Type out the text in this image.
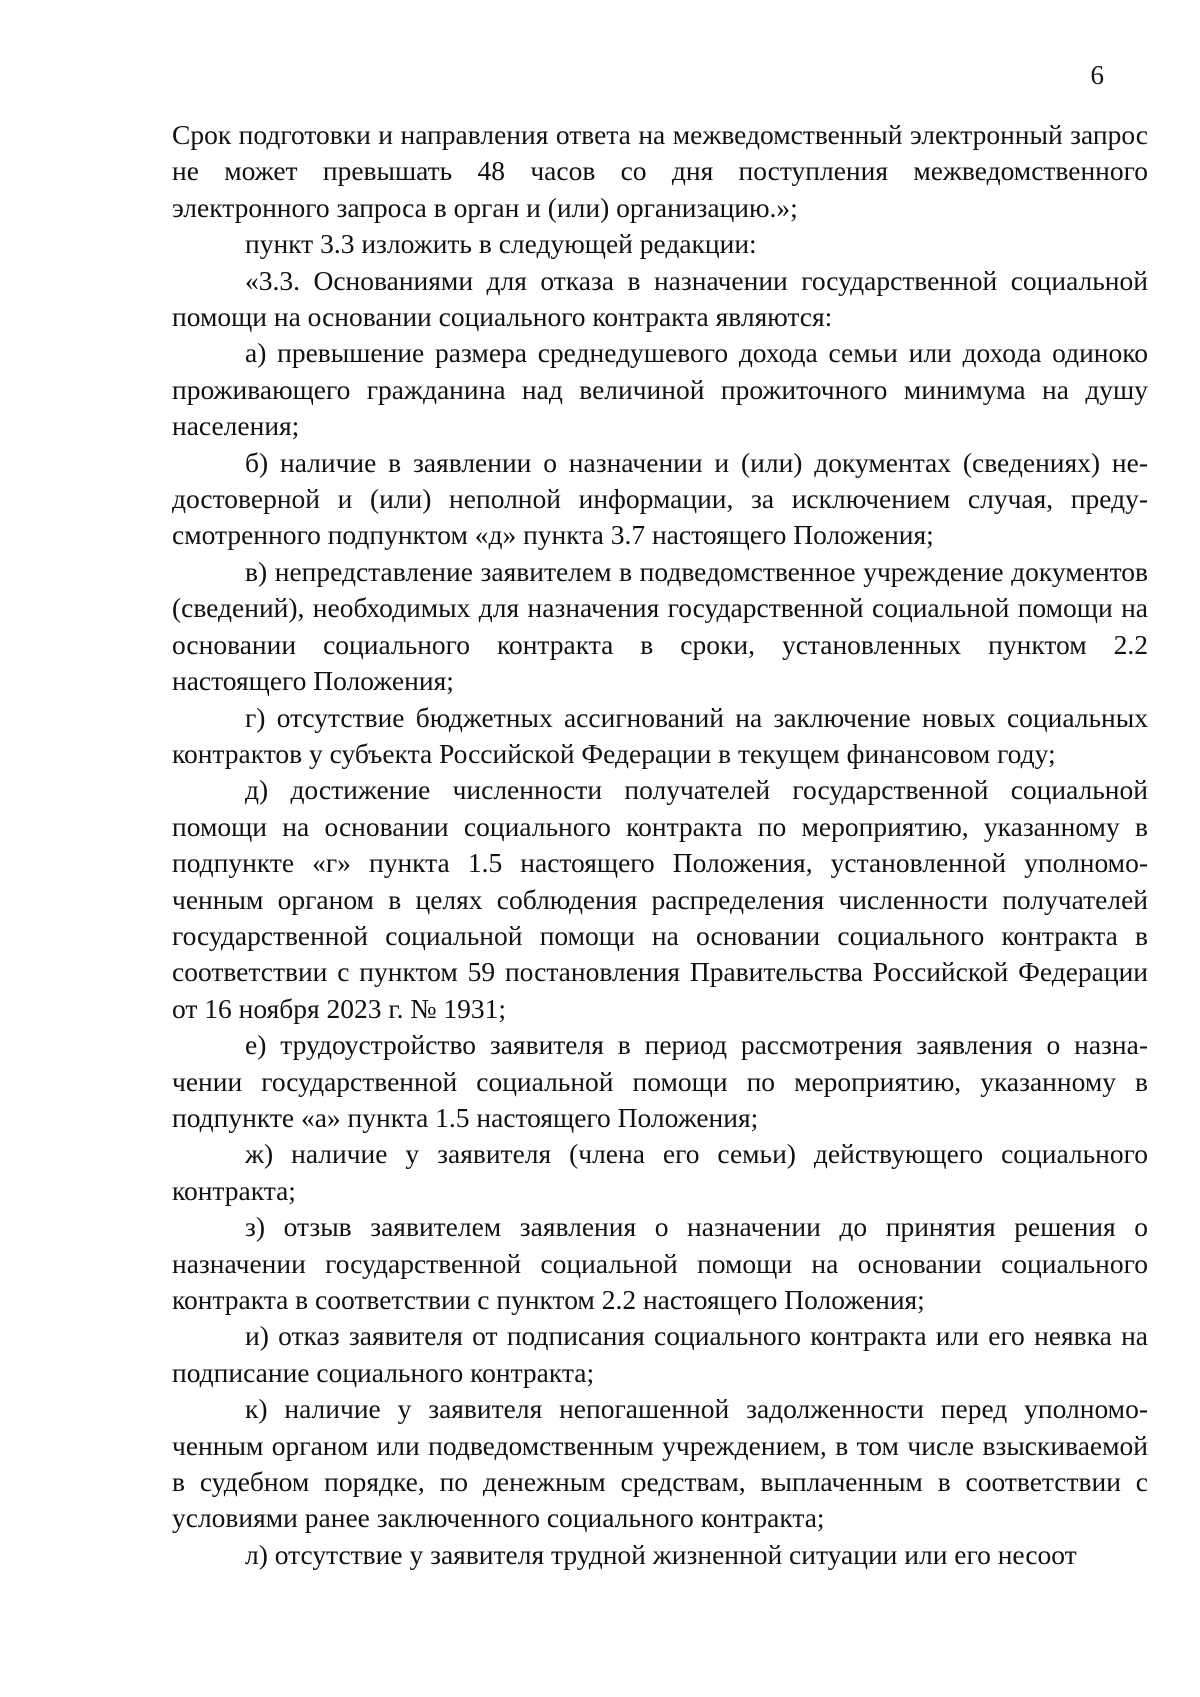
6

Срок подготовки и направления ответа на межведомственный электронный запрос не может превышать 48 часов со дня поступления межведомственного электронного запроса в орган и (или) организацию.»;

пункт 3.3 изложить в следующей редакции:

«3.3. Основаниями для отказа в назначении государственной социальной помощи на основании социального контракта являются:

а) превышение размера среднедушевого дохода семьи или дохода одиноко проживающего гражданина над величиной прожиточного минимума на душу населения;

б) наличие в заявлении о назначении и (или) документах (сведениях) недостоверной и (или) неполной информации, за исключением случая, предусмотренного подпунктом «д» пункта 3.7 настоящего Положения;

в) непредставление заявителем в подведомственное учреждение документов (сведений), необходимых для назначения государственной социальной помощи на основании социального контракта в сроки, установленных пунктом 2.2 настоящего Положения;

г) отсутствие бюджетных ассигнований на заключение новых социальных контрактов у субъекта Российской Федерации в текущем финансовом году;

д) достижение численности получателей государственной социальной помощи на основании социального контракта по мероприятию, указанному в подпункте «г» пункта 1.5 настоящего Положения, установленной уполномоченным органом в целях соблюдения распределения численности получателей государственной социальной помощи на основании социального контракта в соответствии с пунктом 59 постановления Правительства Российской Федерации от 16 ноября 2023 г. № 1931;

е) трудоустройство заявителя в период рассмотрения заявления о назначении государственной социальной помощи по мероприятию, указанному в подпункте «а» пункта 1.5 настоящего Положения;

ж) наличие у заявителя (члена его семьи) действующего социального контракта;

з) отзыв заявителем заявления о назначении до принятия решения о назначении государственной социальной помощи на основании социального контракта в соответствии с пунктом 2.2 настоящего Положения;

и) отказ заявителя от подписания социального контракта или его неявка на подписание социального контракта;

к) наличие у заявителя непогашенной задолженности перед уполномоченным органом или подведомственным учреждением, в том числе взыскиваемой в судебном порядке, по денежным средствам, выплаченным в соответствии с условиями ранее заключенного социального контракта;

л) отсутствие у заявителя трудной жизненной ситуации или его несоот
